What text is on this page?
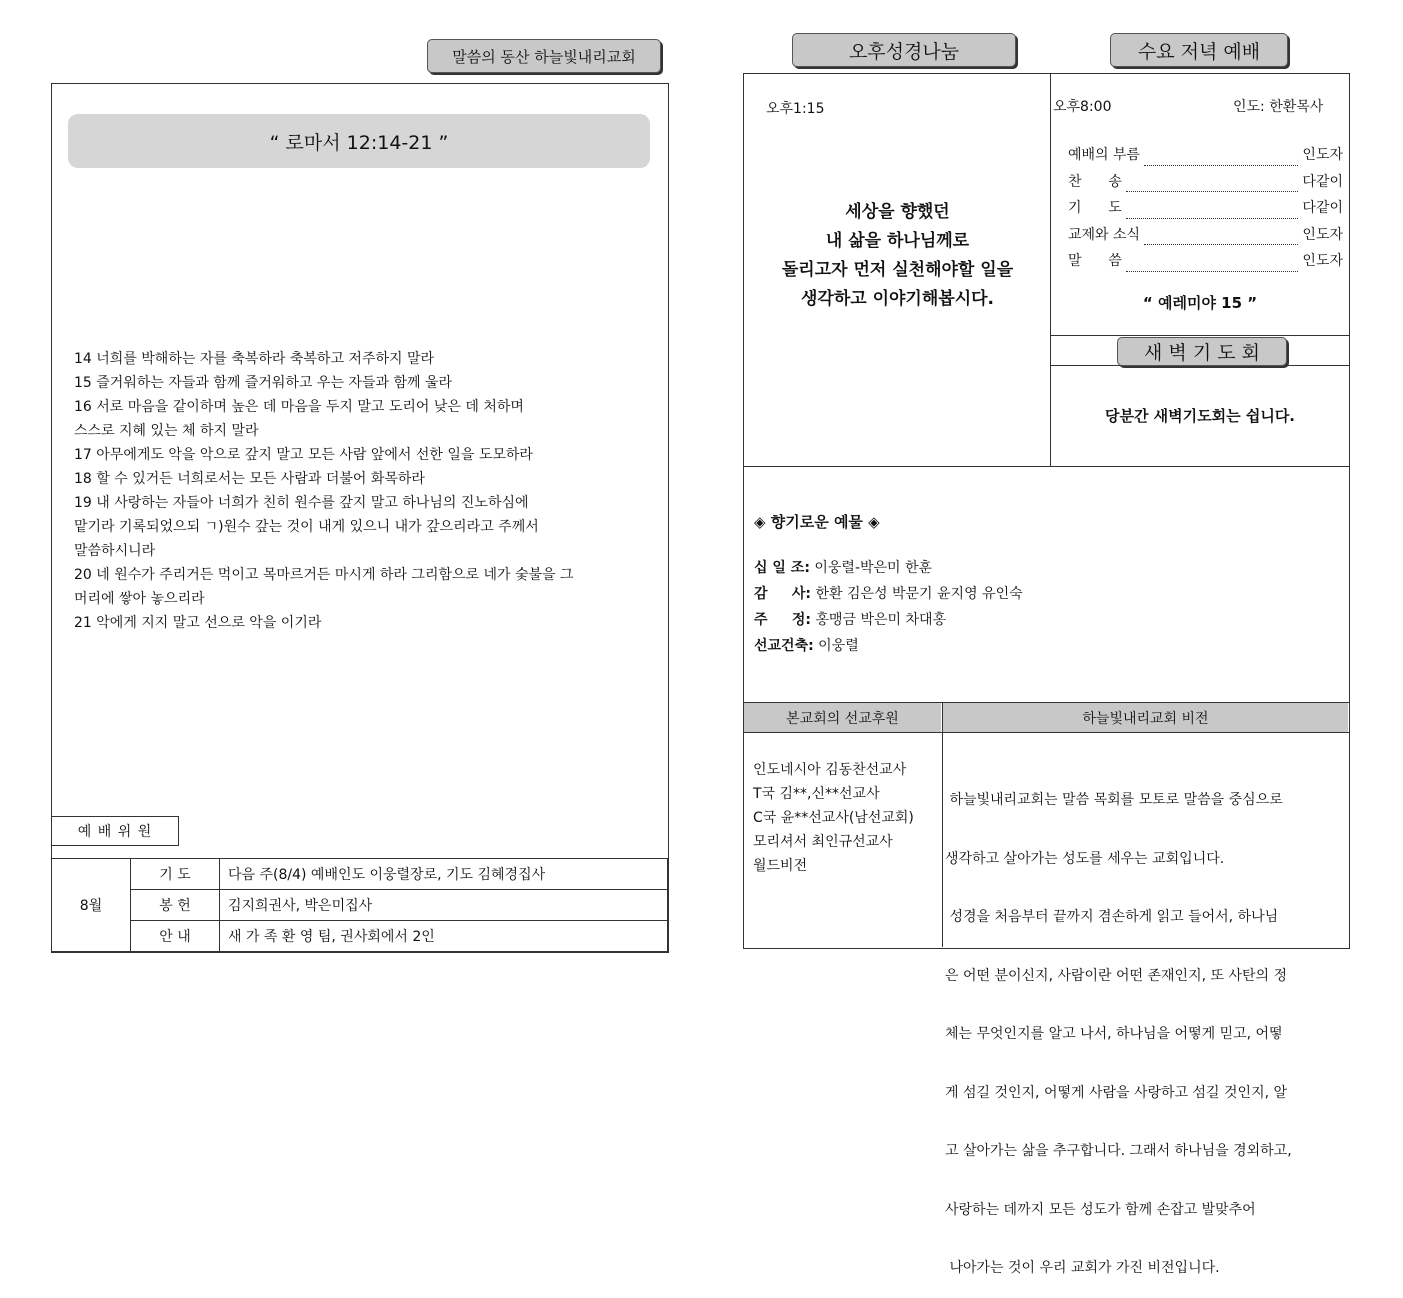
말씀의 동산 하늘빛내리교회
“ 로마서 12:14-21 ”
14 너희를 박해하는 자를 축복하라 축복하고 저주하지 말라
15 즐거워하는 자들과 함께 즐거워하고 우는 자들과 함께 울라
16 서로 마음을 같이하며 높은 데 마음을 두지 말고 도리어 낮은 데 처하며
스스로 지혜 있는 체 하지 말라
17 아무에게도 악을 악으로 갚지 말고 모든 사람 앞에서 선한 일을 도모하라
18 할 수 있거든 너희로서는 모든 사람과 더불어 화목하라
19 내 사랑하는 자들아 너희가 친히 원수를 갚지 말고 하나님의 진노하심에
맡기라 기록되었으되 ㄱ)원수 갚는 것이 내게 있으니 내가 갚으리라고 주께서
말씀하시니라
20 네 원수가 주리거든 먹이고 목마르거든 마시게 하라 그리함으로 네가 숯불을 그
머리에 쌓아 놓으리라
21 악에게 지지 말고 선으로 악을 이기라
예 배 위 원
8월	기 도	다음 주(8/4) 예배인도 이웅렬장로, 기도 김혜경집사
	봉 헌	김지희권사, 박은미집사
	안 내	새 가 족 환 영 팀, 권사회에서 2인
오후성경나눔	수요 저녁 예배
오후1:15
세상을 향했던
내 삶을 하나님께로
돌리고자 먼저 실천해야할 일을
생각하고 이야기해봅시다.
오후8:00	인도: 한환목사
예배의 부름	인도자
찬      송	다같이
기      도	다같이
교제와 소식	인도자
말      씀	인도자
“ 예레미야 15 ”
새 벽 기 도 회
당분간 새벽기도회는 쉽니다.
◈ 향기로운 예물 ◈
십 일 조: 이웅렬-박은미 한훈
감     사: 한환 김은성 박문기 윤지영 유인숙
주     정: 홍맹금 박은미 차대홍
선교건축: 이웅렬
본교회의 선교후원	하늘빛내리교회 비전
인도네시아 김동찬선교사
T국 김**,신**선교사
C국 윤**선교사(남선교회)
모리셔서 최인규선교사
월드비전

하늘빛내리교회는 말씀 목회를 모토로 말씀을 중심으로

생각하고 살아가는 성도를 세우는 교회입니다.

성경을 처음부터 끝까지 겸손하게 읽고 들어서, 하나님

은 어떤 분이신지, 사람이란 어떤 존재인지, 또 사탄의 정

체는 무엇인지를 알고 나서, 하나님을 어떻게 믿고, 어떻

게 섬길 것인지, 어떻게 사람을 사랑하고 섬길 것인지, 알

고 살아가는 삶을 추구합니다. 그래서 하나님을 경외하고,

사랑하는 데까지 모든 성도가 함께 손잡고 발맞추어

나아가는 것이 우리 교회가 가진 비전입니다.
